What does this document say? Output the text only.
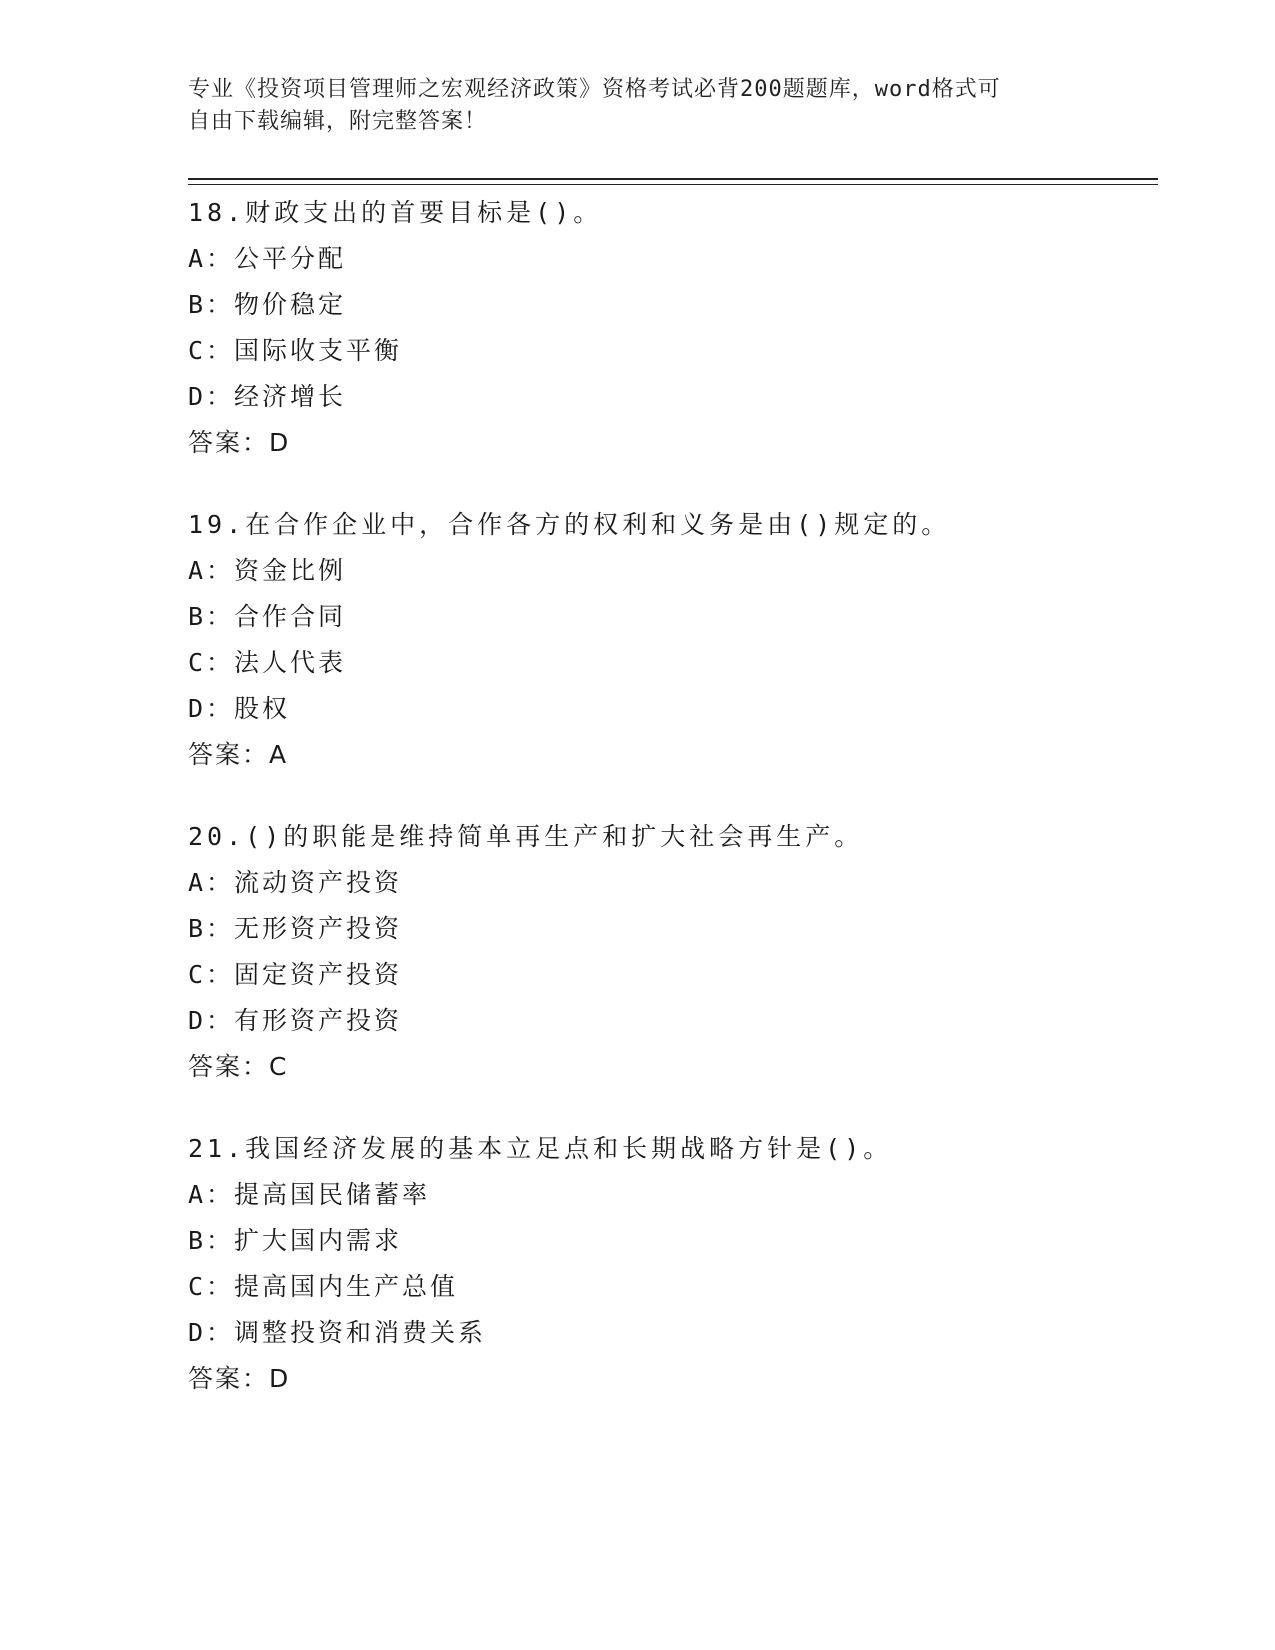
专业《投资项目管理师之宏观经济政策》资格考试必背200题题库，word格式可
自由下载编辑，附完整答案！
18.财政支出的首要目标是()。
A：公平分配
B：物价稳定
C：国际收支平衡
D：经济增长
答案：D
19.在合作企业中，合作各方的权利和义务是由()规定的。
A：资金比例
B：合作合同
C：法人代表
D：股权
答案：A
20.()的职能是维持简单再生产和扩大社会再生产。
A：流动资产投资
B：无形资产投资
C：固定资产投资
D：有形资产投资
答案：C
21.我国经济发展的基本立足点和长期战略方针是()。
A：提高国民储蓄率
B：扩大国内需求
C：提高国内生产总值
D：调整投资和消费关系
答案：D
